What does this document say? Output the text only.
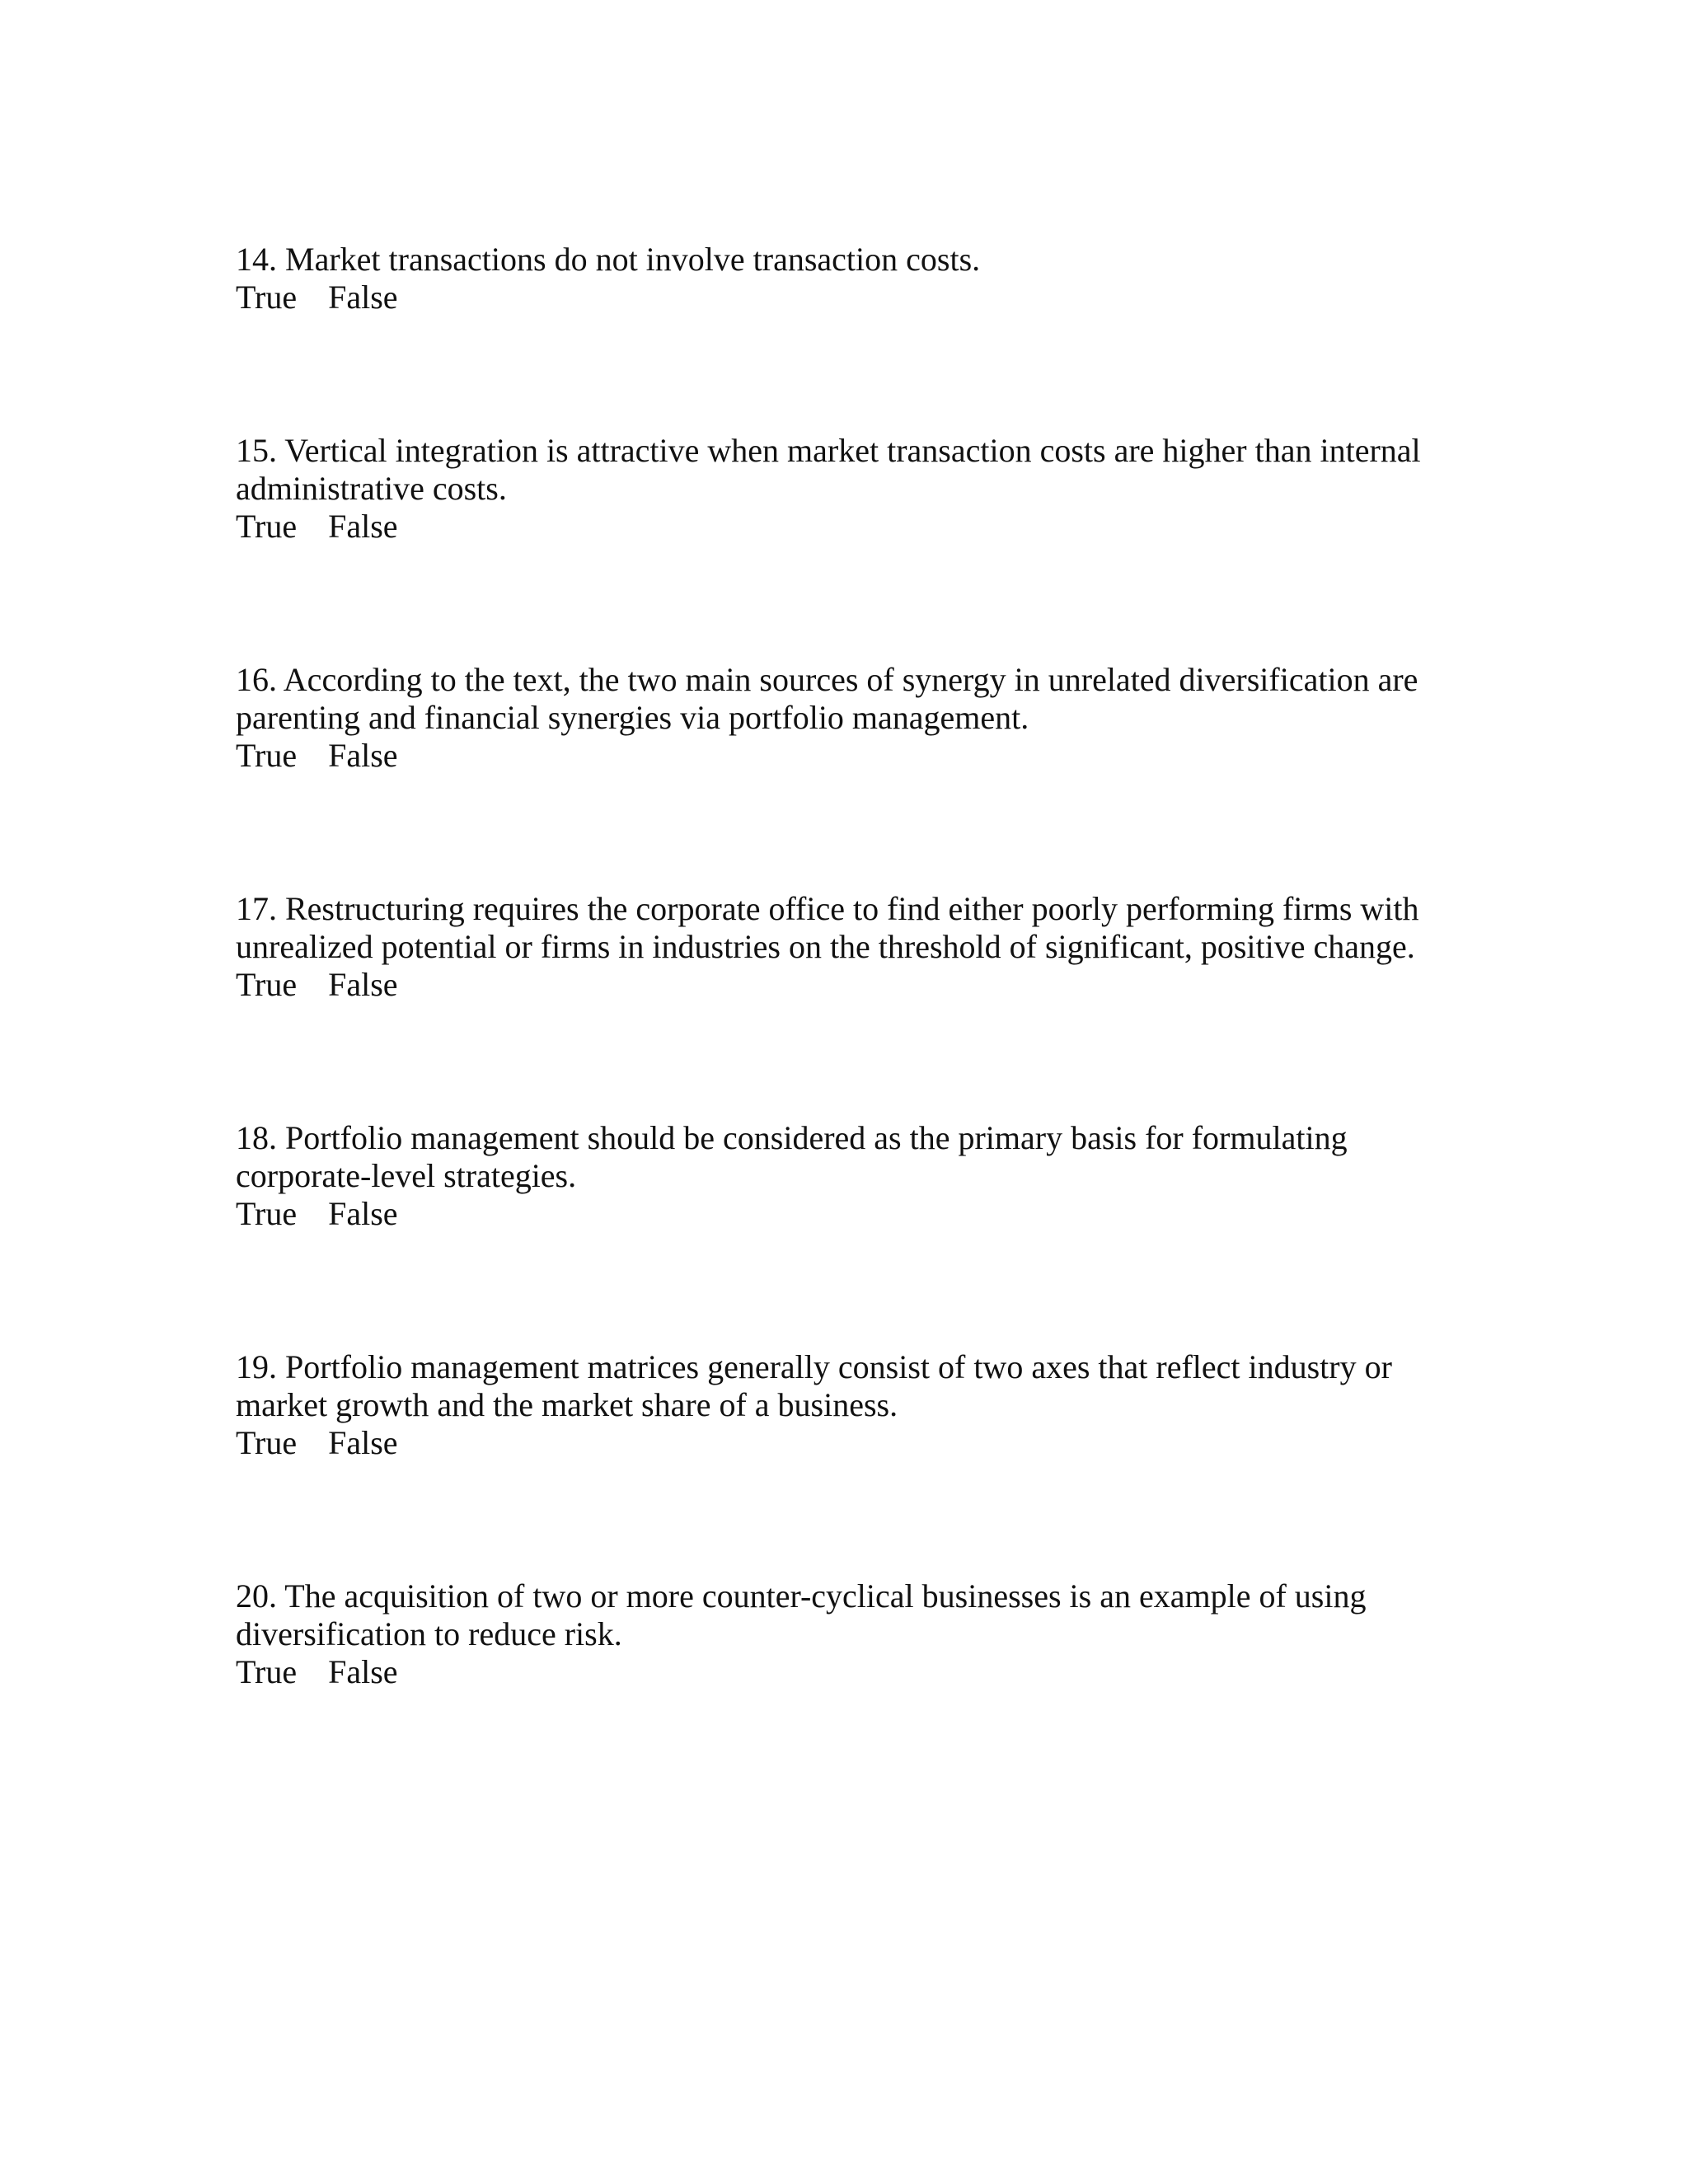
14. Market transactions do not involve transaction costs.

True False

15. Vertical integration is attractive when market transaction costs are higher than internal administrative costs.

True False

16. According to the text, the two main sources of synergy in unrelated diversification are parenting and financial synergies via portfolio management.

True False

17. Restructuring requires the corporate office to find either poorly performing firms with unrealized potential or firms in industries on the threshold of significant, positive change.

True False

18. Portfolio management should be considered as the primary basis for formulating corporate-level strategies.

True False

19. Portfolio management matrices generally consist of two axes that reflect industry or market growth and the market share of a business.

True False

20. The acquisition of two or more counter-cyclical businesses is an example of using diversification to reduce risk.

True False
